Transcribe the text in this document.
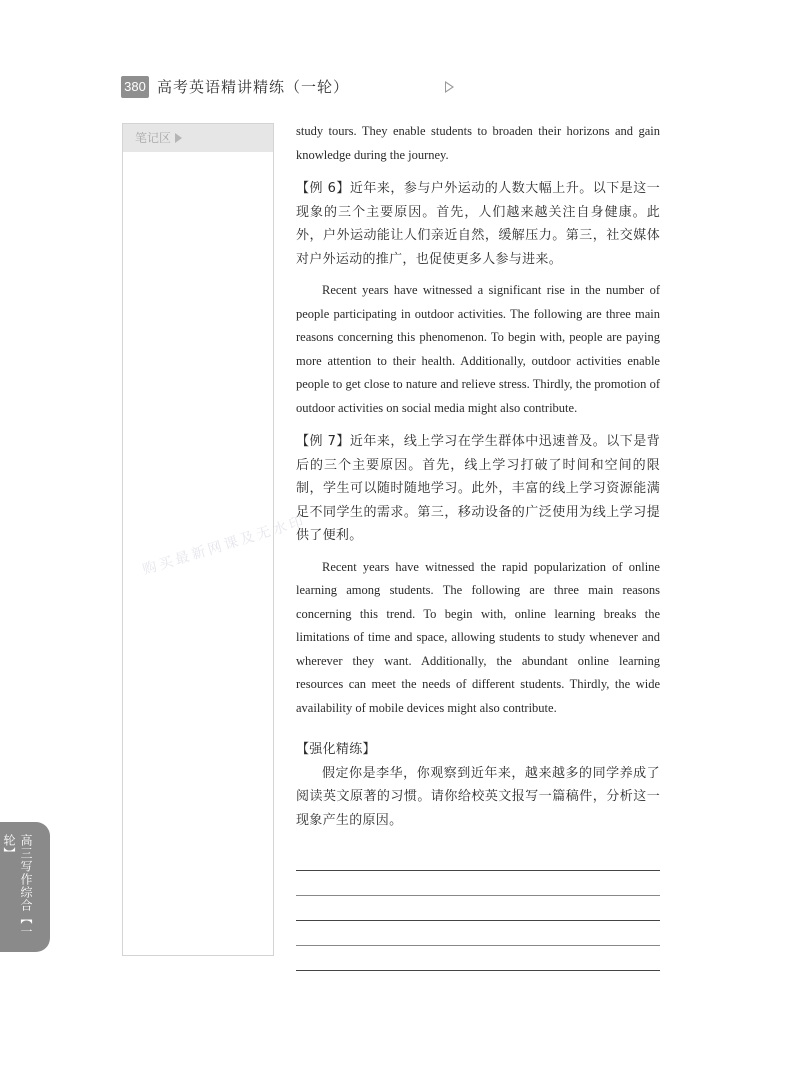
380 高考英语精讲精练（一轮）
笔记区
高三写作综合【一轮】
购买最新网课及无水印

study tours. They enable students to broaden their horizons and gain knowledge during the journey.

【例 6】近年来，参与户外运动的人数大幅上升。以下是这一现象的三个主要原因。首先，人们越来越关注自身健康。此外，户外运动能让人们亲近自然，缓解压力。第三，社交媒体对户外运动的推广，也促使更多人参与进来。

Recent years have witnessed a significant rise in the number of people participating in outdoor activities. The following are three main reasons concerning this phenomenon. To begin with, people are paying more attention to their health. Additionally, outdoor activities enable people to get close to nature and relieve stress. Thirdly, the promotion of outdoor activities on social media might also contribute.

【例 7】近年来，线上学习在学生群体中迅速普及。以下是背后的三个主要原因。首先，线上学习打破了时间和空间的限制，学生可以随时随地学习。此外，丰富的线上学习资源能满足不同学生的需求。第三，移动设备的广泛使用为线上学习提供了便利。

Recent years have witnessed the rapid popularization of online learning among students. The following are three main reasons concerning this trend. To begin with, online learning breaks the limitations of time and space, allowing students to study whenever and wherever they want. Additionally, the abundant online learning resources can meet the needs of different students. Thirdly, the wide availability of mobile devices might also contribute.

【强化精练】

假定你是李华，你观察到近年来，越来越多的同学养成了阅读英文原著的习惯。请你给校英文报写一篇稿件，分析这一现象产生的原因。
